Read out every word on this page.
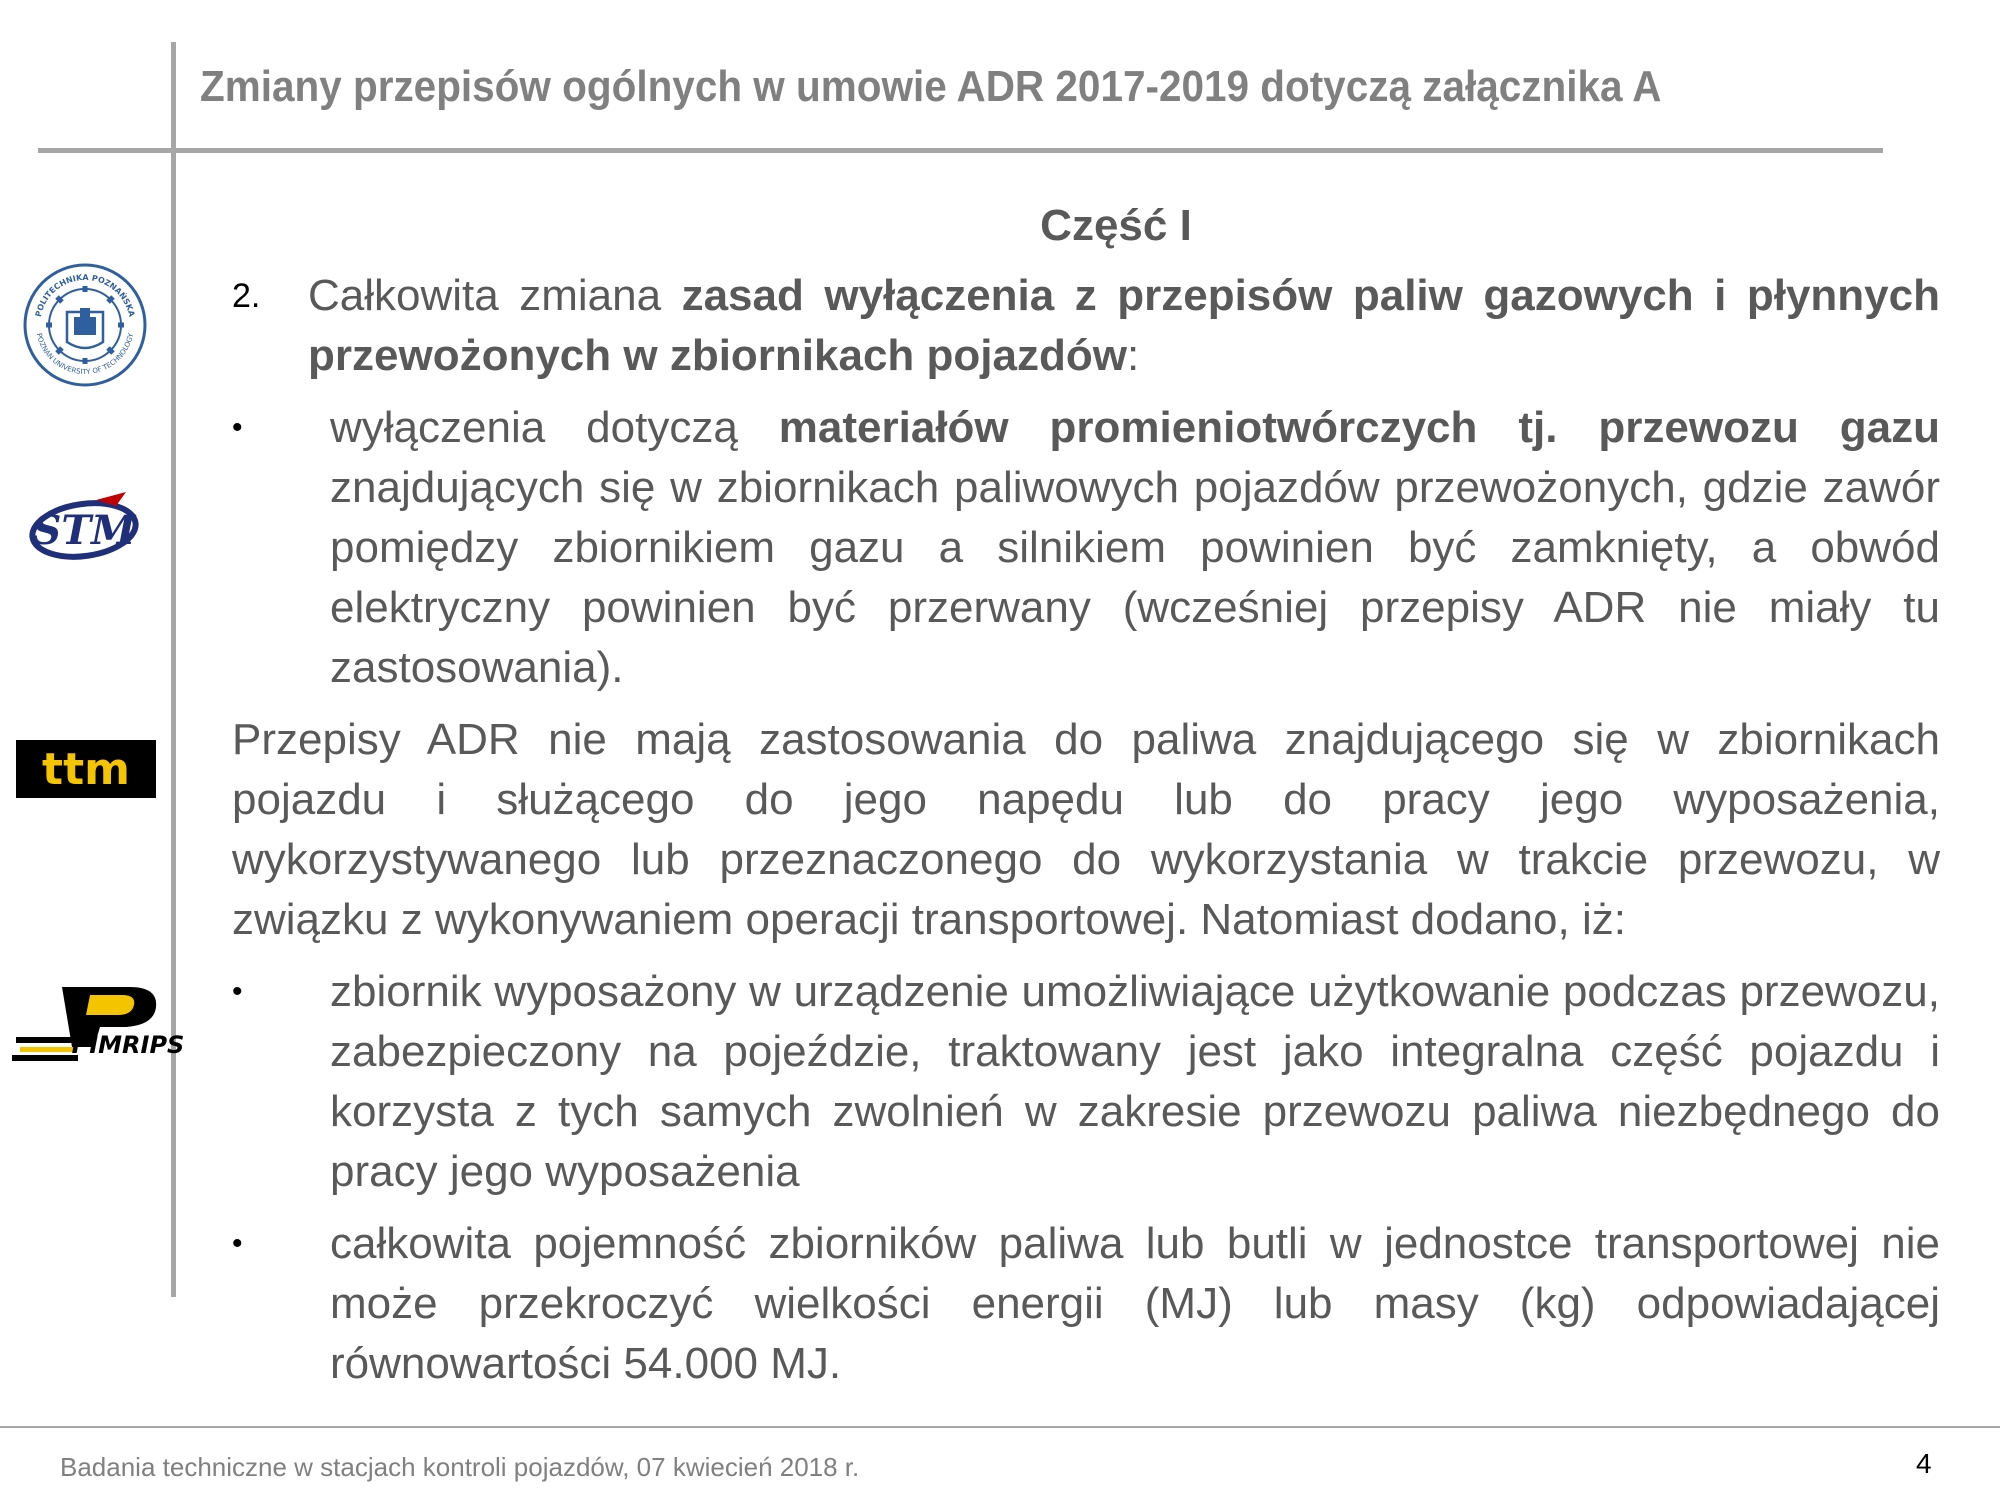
Zmiany przepisów ogólnych w umowie ADR 2017-2019 dotyczą załącznika A
POLITECHNIKA POZNAŃSKA
POZNAN UNIVERSITY OF TECHNOLOGY
STM
ttm
PIMRIPS
Część I
2.	Całkowita zmiana zasad wyłączenia z przepisów paliw gazowych i płynnych przewożonych w zbiornikach pojazdów:
•	wyłączenia dotyczą materiałów promieniotwórczych tj. przewozu gazu znajdujących się w zbiornikach paliwowych pojazdów przewożonych, gdzie zawór pomiędzy zbiornikiem gazu a silnikiem powinien być zamknięty, a obwód elektryczny powinien być przerwany (wcześniej przepisy ADR nie miały tu zastosowania).
Przepisy ADR nie mają zastosowania do paliwa znajdującego się w zbiornikach pojazdu i służącego do jego napędu lub do pracy jego wyposażenia, wykorzystywanego lub przeznaczonego do wykorzystania w trakcie przewozu, w związku z wykonywaniem operacji transportowej. Natomiast dodano, iż:
•	zbiornik wyposażony w urządzenie umożliwiające użytkowanie podczas przewozu, zabezpieczony na pojeździe, traktowany jest jako integralna część pojazdu i korzysta z tych samych zwolnień w zakresie przewozu paliwa niezbędnego do pracy jego wyposażenia
•	całkowita pojemność zbiorników paliwa lub butli w jednostce transportowej nie może przekroczyć wielkości energii (MJ) lub masy (kg) odpowiadającej równowartości 54.000 MJ.
Badania techniczne w stacjach kontroli pojazdów, 07 kwiecień 2018 r.	4
